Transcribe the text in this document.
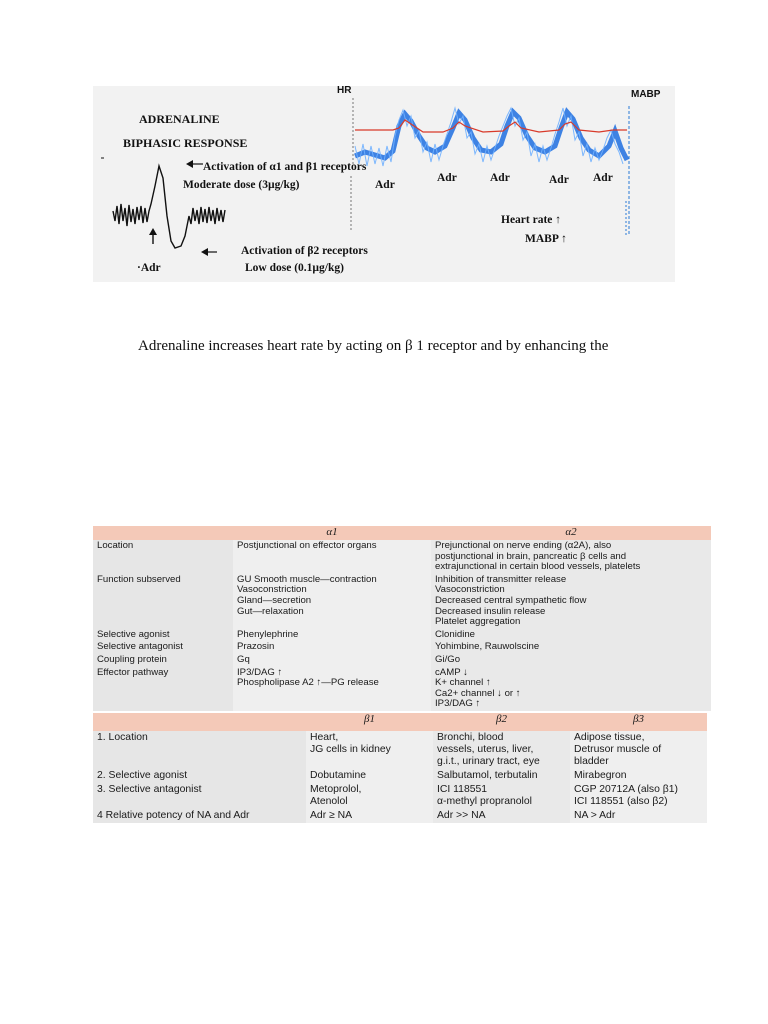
ADRENALINE
BIPHASIC RESPONSE
Activation of α1 and β1 receptors
Moderate dose (3µg/kg)	Adr
Activation of β2 receptors
Low dose (0.1µg/kg)
·Adr
HR	MABP
Adr	Adr	Adr Adr
Heart rate ↑
MABP ↑
Adrenaline increases heart rate by acting on β 1 receptor and by enhancing the
	α1	α2
Location	Postjunctional on effector organs	Prejunctional on nerve ending (α2A), also
postjunctional in brain, pancreatic β cells and
extrajunctional in certain blood vessels, platelets

Function subserved	GU Smooth muscle—contraction
Vasoconstriction
Gland—secretion
Gut—relaxation	Inhibition of transmitter release
Vasoconstriction
Decreased central sympathetic flow
Decreased insulin release
Platelet aggregation

Selective agonist	Phenylephrine	Clonidine
Selective antagonist	Prazosin	Yohimbine, Rauwolscine
Coupling protein	Gq	Gi/Go
Effector pathway	IP3/DAG ↑
Phospholipase A2 ↑—PG release	cAMP ↓
K+ channel ↑
Ca2+ channel ↓ or ↑
IP3/DAG ↑
	β1	β2	β3
1. Location	Heart,
JG cells in kidney	Bronchi, blood
vessels, uterus, liver,
g.i.t., urinary tract, eye	Adipose tissue,
Detrusor muscle of
bladder

2. Selective agonist	Dobutamine	Salbutamol, terbutalin	Mirabegron
3. Selective antagonist	Metoprolol,
Atenolol	ICI 118551
α-methyl propranolol	CGP 20712A (also β1)
ICI 118551 (also β2)

4 Relative potency of NA and Adr	Adr ≥ NA	Adr >> NA	NA > Adr
